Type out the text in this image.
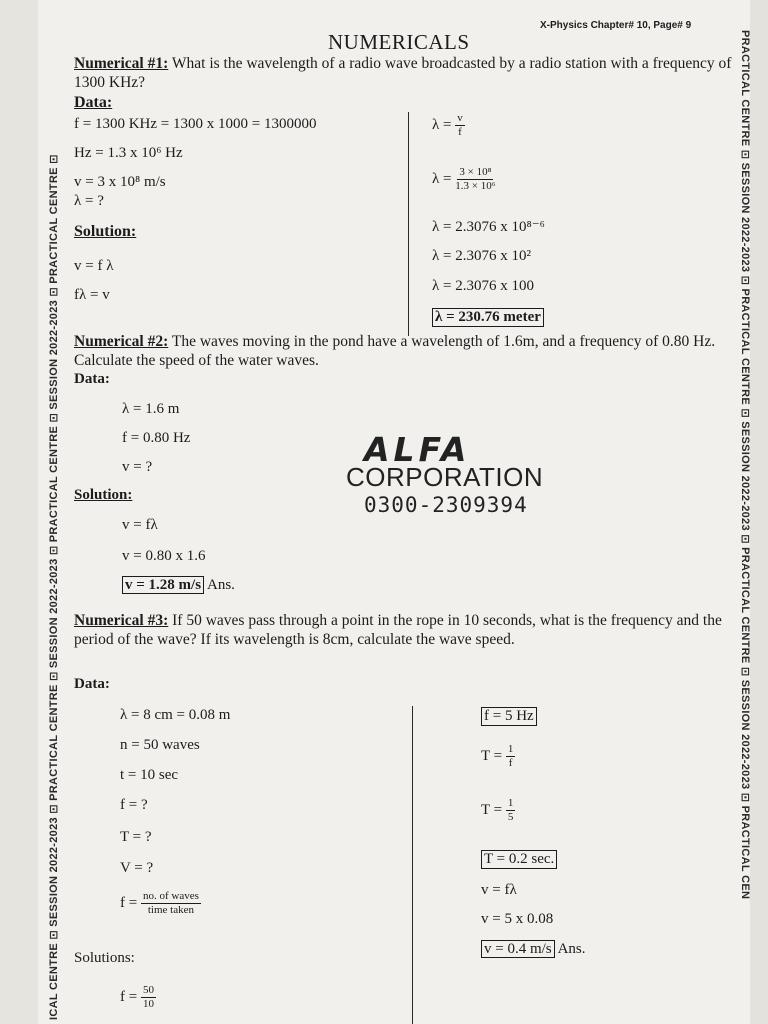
ICAL CENTRE ⊡ SESSION 2022-2023 ⊡ PRACTICAL CENTRE ⊡ SESSION 2022-2023 ⊡ PRACTICAL CENTRE ⊡ SESSION 2022-2023 ⊡ PRACTICAL CENTRE ⊡	PRACTICAL CENTRE ⊡ SESSION 2022-2023 ⊡ PRACTICAL CENTRE ⊡ SESSION 2022-2023 ⊡ PRACTICAL CENTRE ⊡ SESSION 2022-2023 ⊡ PRACTICAL CEN
X-Physics Chapter# 10, Page# 9
NUMERICALS
Numerical #1: What is the wavelength of a radio wave broadcasted by a radio station with a frequency of 1300 KHz?
Data:
f = 1300 KHz = 1300 x 1000 = 1300000
Hz = 1.3 x 10⁶ Hz
v = 3 x 10⁸ m/s
λ = ?
Solution:
v = f λ
fλ = v
$\lambda = \frac{v}{f}$
$\lambda = \frac{\text{3 × 10⁸}}{\text{1.3 × 10⁶}}$
λ = 2.3076 x 10⁸⁻⁶
λ = 2.3076 x 10²
λ = 2.3076 x 100
λ = 230.76 meter
Numerical #2: The waves moving in the pond have a wavelength of 1.6m, and a frequency of 0.80 Hz. Calculate the speed of the water waves.
Data:
λ = 1.6 m
f = 0.80 Hz
v = ?
Solution:
v = fλ
v = 0.80 x 1.6
v = 1.28 m/s Ans.
ALFA
CORPORATION
0300-2309394
Numerical #3: If 50 waves pass through a point in the rope in 10 seconds, what is the frequency and the period of the wave? If its wavelength is 8cm, calculate the wave speed.
Data:
λ = 8 cm = 0.08 m
n = 50 waves
t = 10 sec
f = ?
T = ?
V = ?
$f = \frac{\text{no. of waves}}{\text{time taken}}$
Solutions:
$f = \frac{50}{10}$
f = 5 Hz
$T = \frac{1}{f}$
$T = \frac{1}{5}$
T = 0.2 sec.
v = fλ
v = 5 x 0.08
v = 0.4 m/s Ans.
